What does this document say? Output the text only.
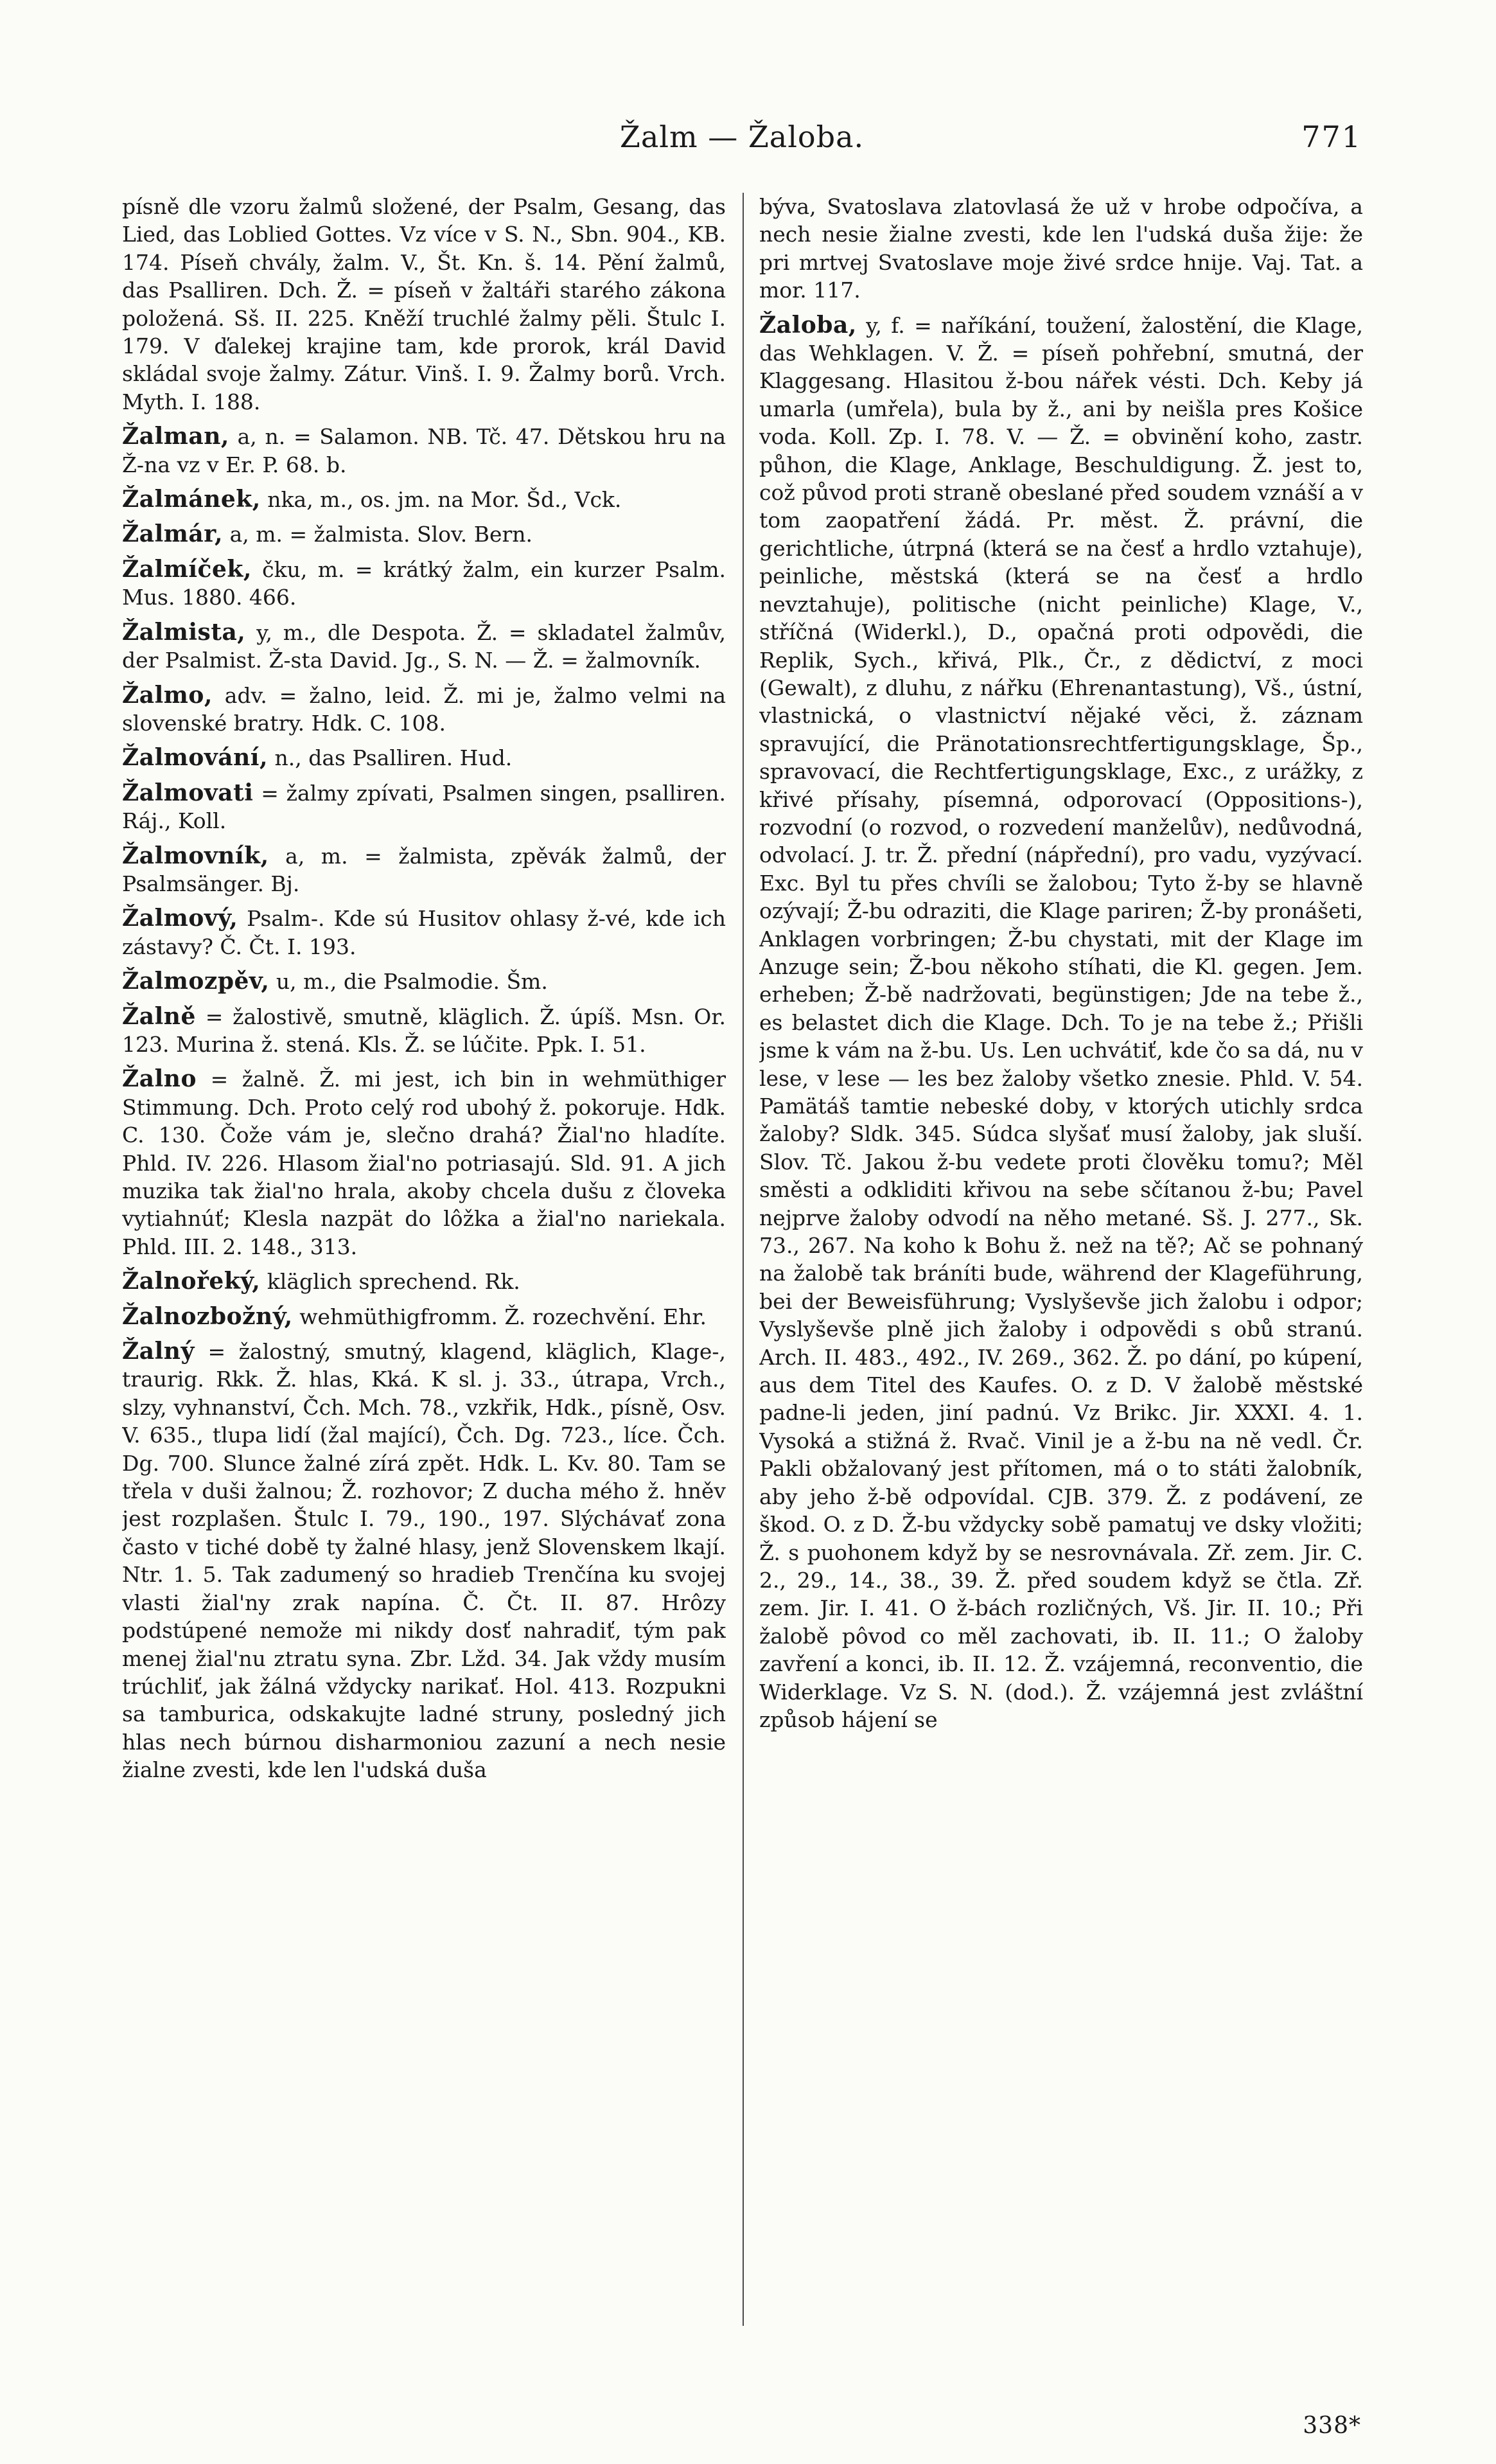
Žalm — Žaloba.	771

písně dle vzoru žalmů složené, der Psalm, Gesang, das Lied, das Loblied Gottes. Vz více v S. N., Sbn. 904., KB. 174. Píseň chvály, žalm. V., Št. Kn. š. 14. Pění žalmů, das Psalliren. Dch. Ž. = píseň v žaltáři starého zákona položená. Sš. II. 225. Kněží truchlé žalmy pěli. Štulc I. 179. V ďalekej krajine tam, kde prorok, král David skládal svoje žalmy. Zátur. Vinš. I. 9. Žalmy borů. Vrch. Myth. I. 188.

Žalman, a, n. = Salamon. NB. Tč. 47. Dětskou hru na Ž-na vz v Er. P. 68. b.

Žalmánek, nka, m., os. jm. na Mor. Šd., Vck.

Žalmár, a, m. = žalmista. Slov. Bern.

Žalmíček, čku, m. = krátký žalm, ein kurzer Psalm. Mus. 1880. 466.

Žalmista, y, m., dle Despota. Ž. = skladatel žalmův, der Psalmist. Ž-sta David. Jg., S. N. — Ž. = žalmovník.

Žalmo, adv. = žalno, leid. Ž. mi je, žalmo velmi na slovenské bratry. Hdk. C. 108.

Žalmování, n., das Psalliren. Hud.

Žalmovati = žalmy zpívati, Psalmen singen, psalliren. Ráj., Koll.

Žalmovník, a, m. = žalmista, zpěvák žalmů, der Psalmsänger. Bj.

Žalmový, Psalm-. Kde sú Husitov ohlasy ž-vé, kde ich zástavy? Č. Čt. I. 193.

Žalmozpěv, u, m., die Psalmodie. Šm.

Žalně = žalostivě, smutně, kläglich. Ž. úpíš. Msn. Or. 123. Murina ž. stená. Kls. Ž. se lúčite. Ppk. I. 51.

Žalno = žalně. Ž. mi jest, ich bin in wehmüthiger Stimmung. Dch. Proto celý rod ubohý ž. pokoruje. Hdk. C. 130. Čože vám je, slečno drahá? Žial'no hladíte. Phld. IV. 226. Hlasom žial'no potriasajú. Sld. 91. A jich muzika tak žial'no hrala, akoby chcela dušu z človeka vytiahnúť; Klesla nazpät do lôžka a žial'no nariekala. Phld. III. 2. 148., 313.

Žalnořeký, kläglich sprechend. Rk.

Žalnozbožný, wehmüthigfromm. Ž. rozechvění. Ehr.

Žalný = žalostný, smutný, klagend, kläglich, Klage-, traurig. Rkk. Ž. hlas, Kká. K sl. j. 33., útrapa, Vrch., slzy, vyhnanství, Čch. Mch. 78., vzkřik, Hdk., písně, Osv. V. 635., tlupa lidí (žal mající), Čch. Dg. 723., líce. Čch. Dg. 700. Slunce žalné zírá zpět. Hdk. L. Kv. 80. Tam se třela v duši žalnou; Ž. rozhovor; Z ducha mého ž. hněv jest rozplašen. Štulc I. 79., 190., 197. Slýchávať zona často v tiché době ty žalné hlasy, jenž Slovenskem lkají. Ntr. 1. 5. Tak zadumený so hradieb Trenčína ku svojej vlasti žial'ny zrak napína. Č. Čt. II. 87. Hrôzy podstúpené nemože mi nikdy dosť nahradiť, tým pak menej žial'nu ztratu syna. Zbr. Lžd. 34. Jak vždy musím trúchliť, jak žálná vždycky narikať. Hol. 413. Rozpukni sa tamburica, odskakujte ladné struny, posledný jich hlas nech búrnou disharmoniou zazuní a nech nesie žialne zvesti, kde len l'udská duša

býva, Svatoslava zlatovlasá že už v hrobe odpočíva, a nech nesie žialne zvesti, kde len l'udská duša žije: že pri mrtvej Svatoslave moje živé srdce hnije. Vaj. Tat. a mor. 117.

Žaloba, y, f. = naříkání, toužení, žalostění, die Klage, das Wehklagen. V. Ž. = píseň pohřební, smutná, der Klaggesang. Hlasitou ž-bou nářek vésti. Dch. Keby já umarla (umřela), bula by ž., ani by neišla pres Košice voda. Koll. Zp. I. 78. V. — Ž. = obvinění koho, zastr. půhon, die Klage, Anklage, Beschuldigung. Ž. jest to, což původ proti straně obeslané před soudem vznáší a v tom zaopatření žádá. Pr. měst. Ž. právní, die gerichtliche, útrpná (která se na česť a hrdlo vztahuje), peinliche, městská (která se na česť a hrdlo nevztahuje), politische (nicht peinliche) Klage, V., stříčná (Widerkl.), D., opačná proti odpovědi, die Replik, Sych., křivá, Plk., Čr., z dědictví, z moci (Gewalt), z dluhu, z nářku (Ehrenantastung), Vš., ústní, vlastnická, o vlastnictví nějaké věci, ž. záznam spravující, die Pränotationsrechtfertigungsklage, Šp., spravovací, die Rechtfertigungsklage, Exc., z urážky, z křivé přísahy, písemná, odporovací (Oppositions-), rozvodní (o rozvod, o rozvedení manželův), nedůvodná, odvolací. J. tr. Ž. přední (nápřední), pro vadu, vyzývací. Exc. Byl tu přes chvíli se žalobou; Tyto ž-by se hlavně ozývají; Ž-bu odraziti, die Klage pariren; Ž-by pronášeti, Anklagen vorbringen; Ž-bu chystati, mit der Klage im Anzuge sein; Ž-bou někoho stíhati, die Kl. gegen. Jem. erheben; Ž-bě nadržovati, begünstigen; Jde na tebe ž., es belastet dich die Klage. Dch. To je na tebe ž.; Přišli jsme k vám na ž-bu. Us. Len uchvátiť, kde čo sa dá, nu v lese, v lese — les bez žaloby všetko znesie. Phld. V. 54. Pamätáš tamtie nebeské doby, v ktorých utichly srdca žaloby? Sldk. 345. Súdca slyšať musí žaloby, jak sluší. Slov. Tč. Jakou ž-bu vedete proti člověku tomu?; Měl směsti a odkliditi křivou na sebe sčítanou ž-bu; Pavel nejprve žaloby odvodí na něho metané. Sš. J. 277., Sk. 73., 267. Na koho k Bohu ž. než na tě?; Ač se pohnaný na žalobě tak bráníti bude, während der Klageführung, bei der Beweisführung; Vyslyševše jich žalobu i odpor; Vyslyševše plně jich žaloby i odpovědi s obů stranú. Arch. II. 483., 492., IV. 269., 362. Ž. po dání, po kúpení, aus dem Titel des Kaufes. O. z D. V žalobě městské padne-li jeden, jiní padnú. Vz Brikc. Jir. XXXI. 4. 1. Vysoká a stižná ž. Rvač. Vinil je a ž-bu na ně vedl. Čr. Pakli obžalovaný jest přítomen, má o to státi žalobník, aby jeho ž-bě odpovídal. CJB. 379. Ž. z podávení, ze škod. O. z D. Ž-bu vždycky sobě pamatuj ve dsky vložiti; Ž. s puohonem když by se nesrovnávala. Zř. zem. Jir. C. 2., 29., 14., 38., 39. Ž. před soudem když se čtla. Zř. zem. Jir. I. 41. O ž-bách rozličných, Vš. Jir. II. 10.; Při žalobě pôvod co měl zachovati, ib. II. 11.; O žaloby zavření a konci, ib. II. 12. Ž. vzájemná, reconventio, die Widerklage. Vz S. N. (dod.). Ž. vzájemná jest zvláštní způsob hájení se

338*
